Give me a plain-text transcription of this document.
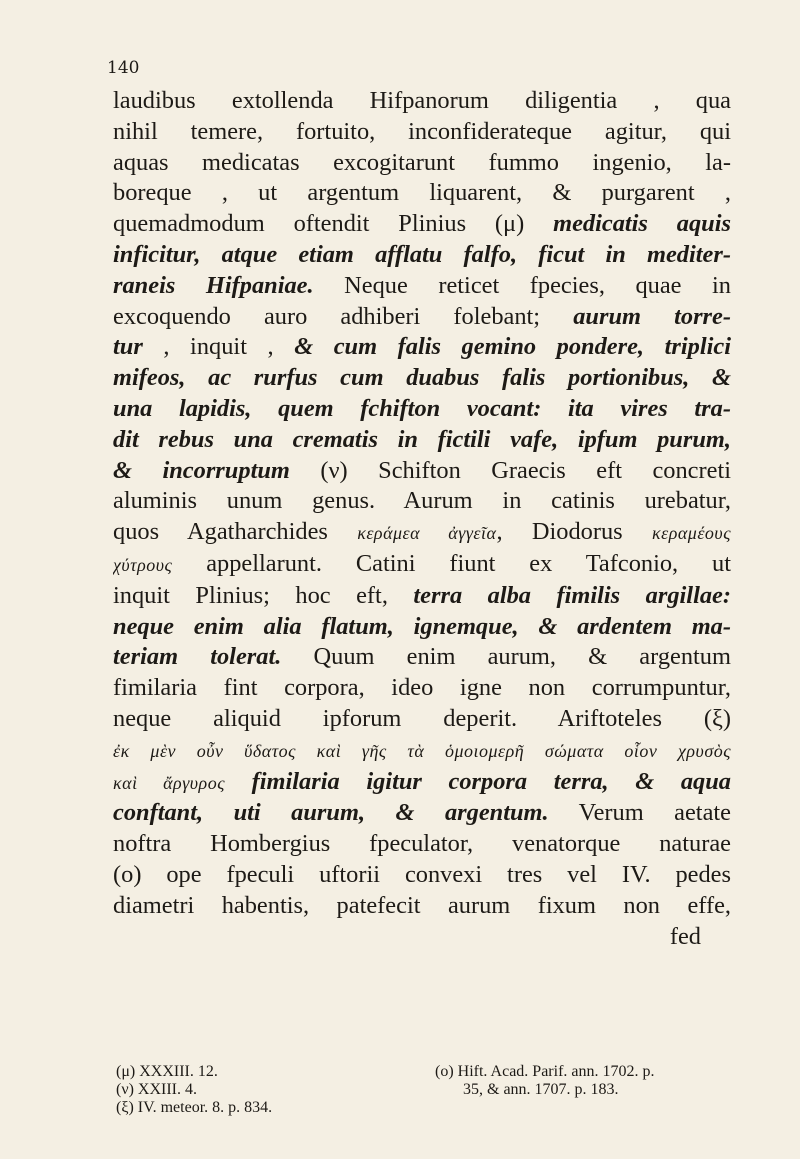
140
laudibus extollenda Hifpanorum diligentia , qua
nihil temere, fortuito, inconfiderateque agitur, qui
aquas medicatas excogitarunt fummo ingenio, la-
boreque , ut argentum liquarent, & purgarent ,
quemadmodum oftendit Plinius (μ) medicatis aquis
inficitur, atque etiam afflatu falfo, ficut in mediter-
raneis Hifpaniae. Neque reticet fpecies, quae in
excoquendo auro adhiberi folebant; aurum torre-
tur , inquit , & cum falis gemino pondere, triplici
mifeos, ac rurfus cum duabus falis portionibus, &
una lapidis, quem fchifton vocant: ita vires tra-
dit rebus una crematis in fictili vafe, ipfum purum,
& incorruptum (ν) Schifton Graecis eft concreti
aluminis unum genus. Aurum in catinis urebatur,
quos Agatharchides κεράμεα ἀγγεῖα, Diodorus κεραμέους
χύτρους appellarunt. Catini fiunt ex Tafconio, ut
inquit Plinius; hoc eft, terra alba fimilis argillae:
neque enim alia flatum, ignemque, & ardentem ma-
teriam tolerat. Quum enim aurum, & argentum
fimilaria fint corpora, ideo igne non corrumpuntur,
neque aliquid ipforum deperit. Ariftoteles (ξ)
ἐκ μὲν οὖν ὕδατος καὶ γῆς τὰ ὁμοιομερῆ σώματα οἷον χρυσὸς
καὶ ἄργυρος fimilaria igitur corpora terra, & aqua
conftant, uti aurum, & argentum. Verum aetate
noftra Hombergius fpeculator, venatorque naturae
(ο) ope fpeculi uftorii convexi tres vel IV. pedes
diametri habentis, patefecit aurum fixum non effe,
fed
(μ) XXXIII. 12.
(ν) XXIII. 4.
(ξ) IV. meteor. 8. p. 834.
(ο) Hift. Acad. Parif. ann. 1702. p.
35, & ann. 1707. p. 183.
